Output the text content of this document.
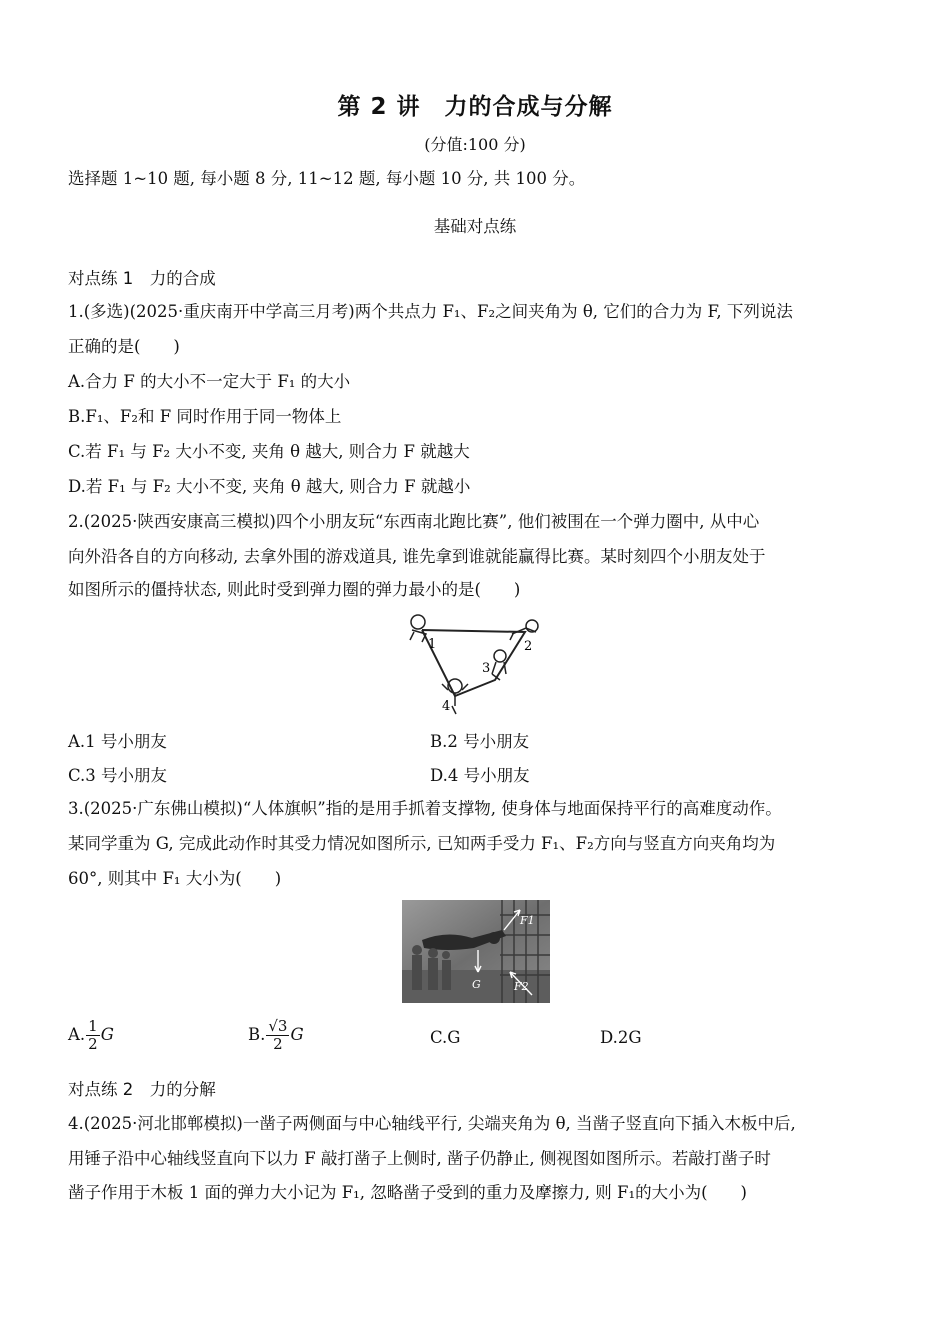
第 2 讲　力的合成与分解
(分值:100 分)
选择题 1~10 题, 每小题 8 分, 11~12 题, 每小题 10 分, 共 100 分。
基础对点练
对点练 1　力的合成
1.(多选)(2025·重庆南开中学高三月考)两个共点力 F₁、F₂之间夹角为 θ, 它们的合力为 F, 下列说法
正确的是(　　)
A.合力 F 的大小不一定大于 F₁ 的大小
B.F₁、F₂和 F 同时作用于同一物体上
C.若 F₁ 与 F₂ 大小不变, 夹角 θ 越大, 则合力 F 就越大
D.若 F₁ 与 F₂ 大小不变, 夹角 θ 越大, 则合力 F 就越小
2.(2025·陕西安康高三模拟)四个小朋友玩“东西南北跑比赛”, 他们被围在一个弹力圈中, 从中心
向外沿各自的方向移动, 去拿外围的游戏道具, 谁先拿到谁就能赢得比赛。某时刻四个小朋友处于
如图所示的僵持状态, 则此时受到弹力圈的弹力最小的是(　　)
1	2
3
4
A.1 号小朋友	B.2 号小朋友
C.3 号小朋友	D.4 号小朋友
3.(2025·广东佛山模拟)“人体旗帜”指的是用手抓着支撑物, 使身体与地面保持平行的高难度动作。
某同学重为 G, 完成此动作时其受力情况如图所示, 已知两手受力 F₁、F₂方向与竖直方向夹角均为
60°, 则其中 F₁ 大小为(　　)
F1
G	F2
A. $\frac{1}{2}$ G	B. $\frac{√3}{2}$ G	C.G	D.2G
对点练 2　力的分解
4.(2025·河北邯郸模拟)一凿子两侧面与中心轴线平行, 尖端夹角为 θ, 当凿子竖直向下插入木板中后,
用锤子沿中心轴线竖直向下以力 F 敲打凿子上侧时, 凿子仍静止, 侧视图如图所示。若敲打凿子时
凿子作用于木板 1 面的弹力大小记为 F₁, 忽略凿子受到的重力及摩擦力, 则 F₁的大小为(　　)
